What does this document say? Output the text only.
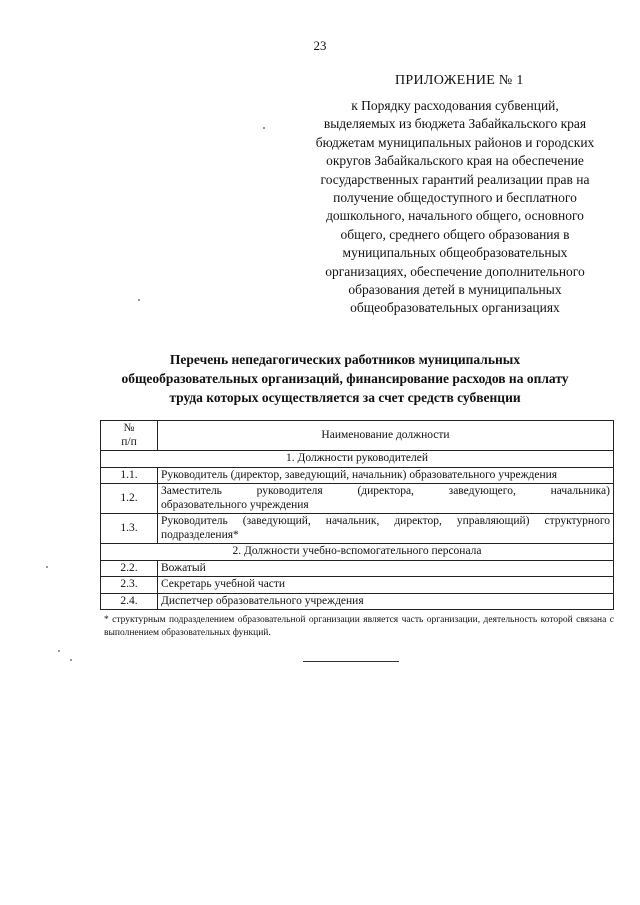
23
ПРИЛОЖЕНИЕ № 1
к Порядку расходования субвенций,
выделяемых из бюджета Забайкальского края
бюджетам муниципальных районов и городских
округов Забайкальского края на обеспечение
государственных гарантий реализации прав на
получение общедоступного и бесплатного
дошкольного, начального общего, основного
общего, среднего общего образования в
муниципальных общеобразовательных
организациях, обеспечение дополнительного
образования детей в муниципальных
общеобразовательных организациях
Перечень непедагогических работников муниципальных
общеобразовательных организаций, финансирование расходов на оплату
труда которых осуществляется за счет средств субвенции
№
п/п	Наименование должности
1. Должности руководителей	
1.1.	Руководитель (директор, заведующий, начальник) образовательного учреждения
1.2.	Заместитель руководителя (директора, заведующего, начальника)
образовательного учреждения

1.3.	Руководитель (заведующий, начальник, директор, управляющий) структурного
подразделения*

2. Должности учебно-вспомогательного персонала	
2.2.	Вожатый
2.3.	Секретарь учебной части
2.4.	Диспетчер образовательного учреждения
* структурным подразделением образовательной организации является часть организации, деятельность которой связана с выполнением образовательных функций.
